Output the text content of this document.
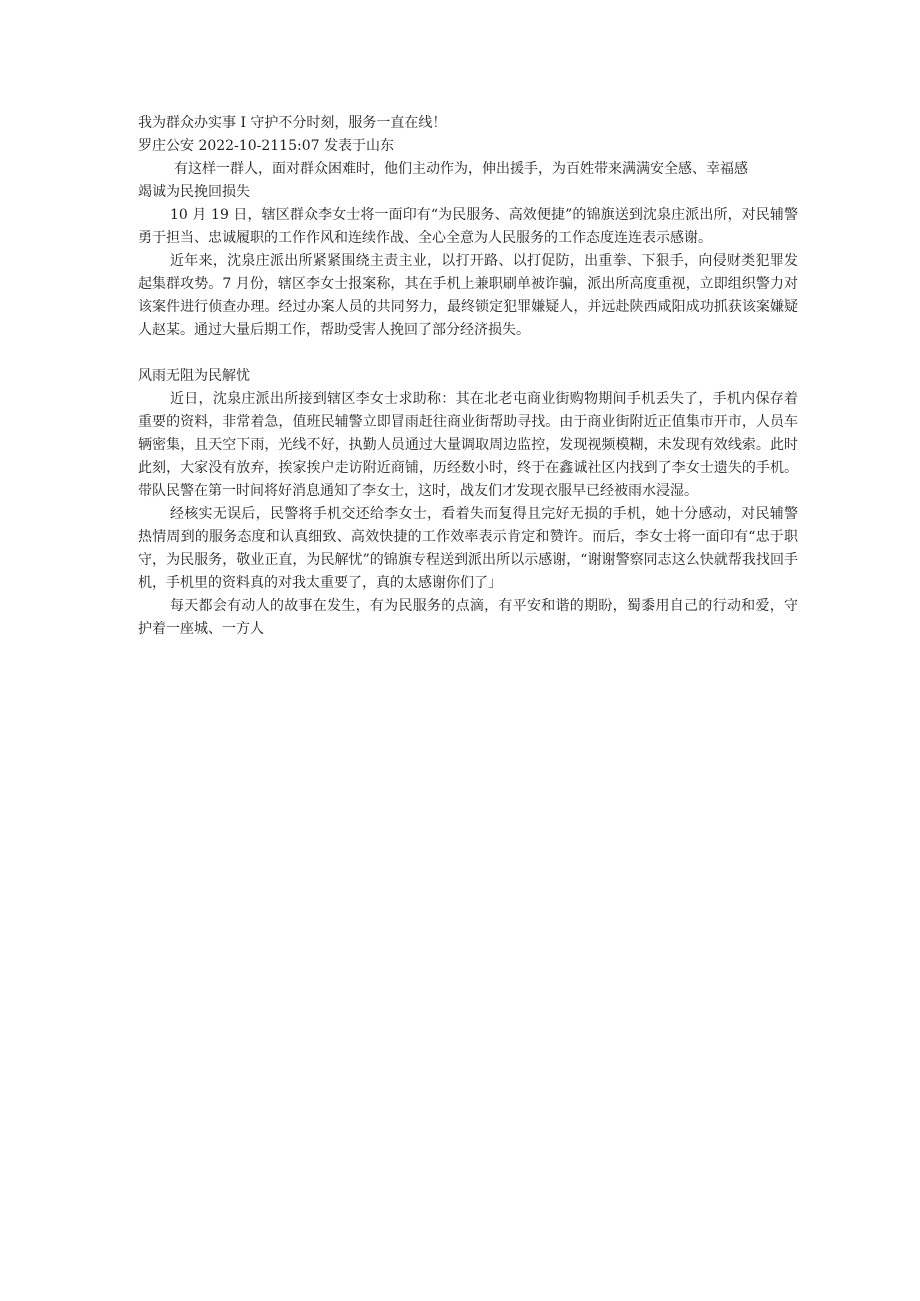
我为群众办实事 I 守护不分时刻，服务一直在线！

罗庄公安 2022-10-2115:07 发表于山东

有这样一群人，面对群众困难时，他们主动作为，伸出援手，为百姓带来满满安全感、幸福感

竭诚为民挽回损失

10 月 19 日，辖区群众李女士将一面印有“为民服务、高效便捷”的锦旗送到沈泉庄派出所，对民辅警勇于担当、忠诚履职的工作作风和连续作战、全心全意为人民服务的工作态度连连表示感谢。

近年来，沈泉庄派出所紧紧围绕主责主业，以打开路、以打促防，出重拳、下狠手，向侵财类犯罪发起集群攻势。7 月份，辖区李女士报案称，其在手机上兼职刷单被诈骗，派出所高度重视，立即组织警力对该案件进行侦查办理。经过办案人员的共同努力，最终锁定犯罪嫌疑人，并远赴陕西咸阳成功抓获该案嫌疑人赵某。通过大量后期工作，帮助受害人挽回了部分经济损失。

风雨无阻为民解忧

近日，沈泉庄派出所接到辖区李女士求助称：其在北老屯商业街购物期间手机丢失了，手机内保存着重要的资料，非常着急，值班民辅警立即冒雨赶往商业街帮助寻找。由于商业街附近正值集市开市，人员车辆密集，且天空下雨，光线不好，执勤人员通过大量调取周边监控，发现视频模糊，未发现有效线索。此时此刻，大家没有放弃，挨家挨户走访附近商铺，历经数小时，终于在鑫诚社区内找到了李女士遗失的手机。带队民警在第一时间将好消息通知了李女士，这时，战友们才发现衣服早已经被雨水浸湿。

经核实无误后，民警将手机交还给李女士，看着失而复得且完好无损的手机，她十分感动，对民辅警热情周到的服务态度和认真细致、高效快捷的工作效率表示肯定和赞许。而后，李女士将一面印有“忠于职守，为民服务，敬业正直，为民解忧”的锦旗专程送到派出所以示感谢，“谢谢警察同志这么快就帮我找回手机，手机里的资料真的对我太重要了，真的太感谢你们了」

每天都会有动人的故事在发生，有为民服务的点滴，有平安和谐的期盼，蜀黍用自己的行动和爱，守护着一座城、一方人
